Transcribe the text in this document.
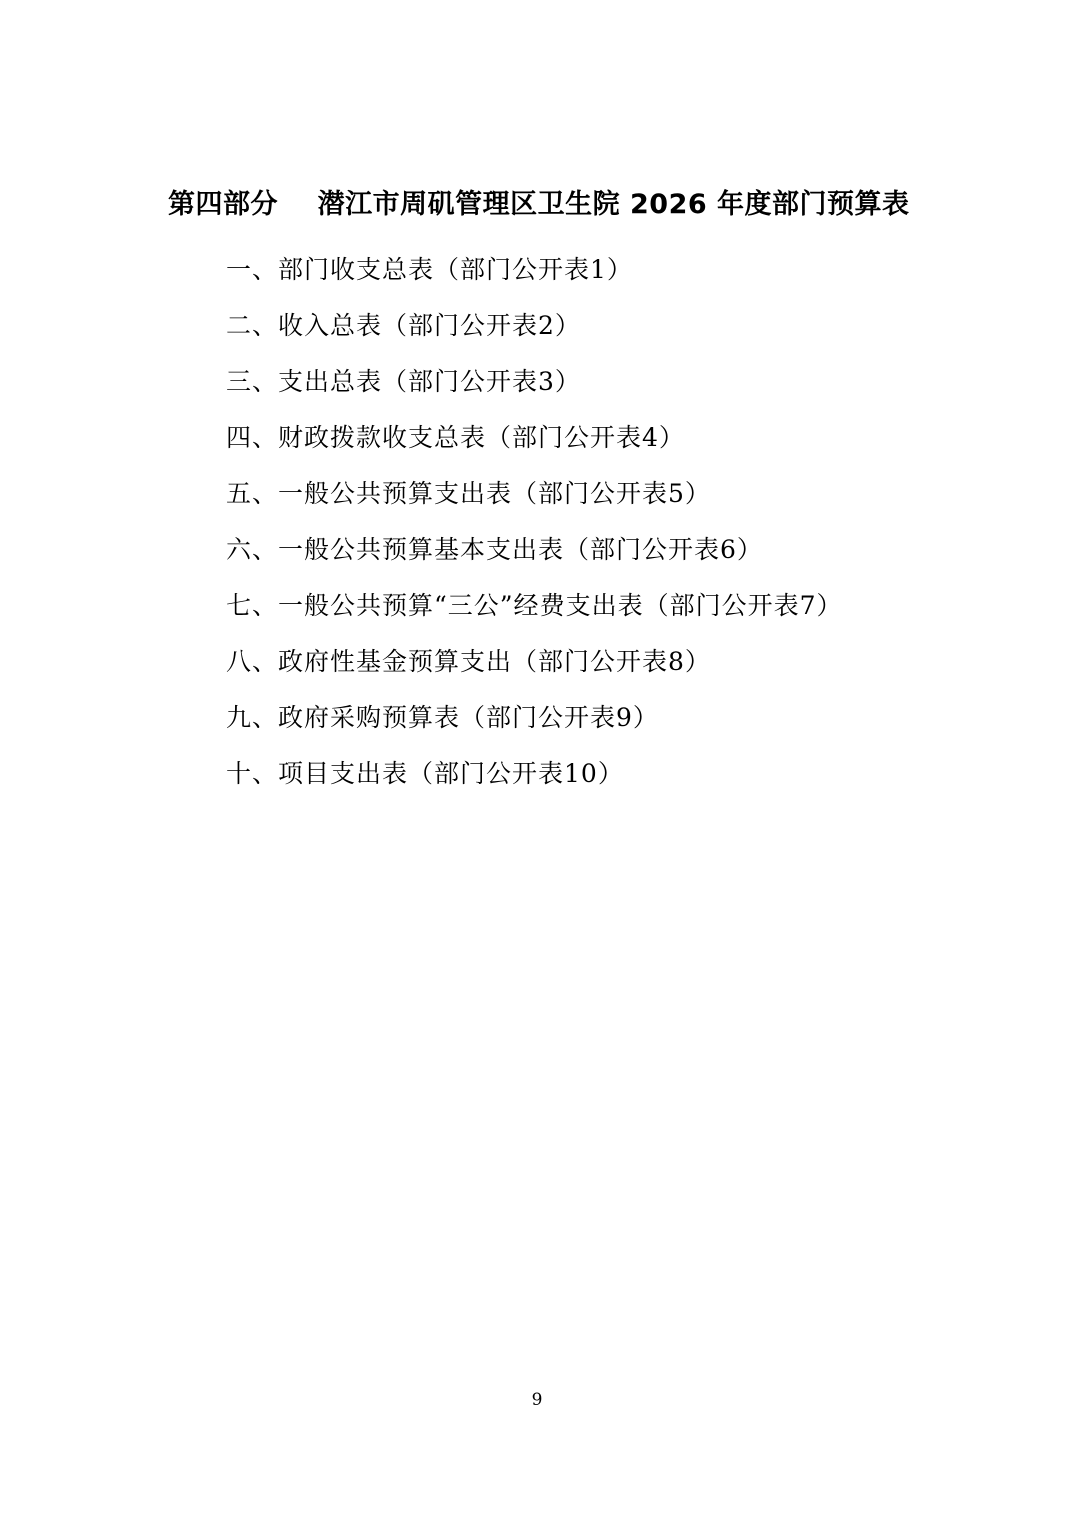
第四部分    潜江市周矶管理区卫生院 2026 年度部门预算表
一、部门收支总表（部门公开表1）
二、收入总表（部门公开表2）
三、支出总表（部门公开表3）
四、财政拨款收支总表（部门公开表4）
五、一般公共预算支出表（部门公开表5）
六、一般公共预算基本支出表（部门公开表6）
七、一般公共预算“三公”经费支出表（部门公开表7）
八、政府性基金预算支出（部门公开表8）
九、政府采购预算表（部门公开表9）
十、项目支出表（部门公开表10）
9
